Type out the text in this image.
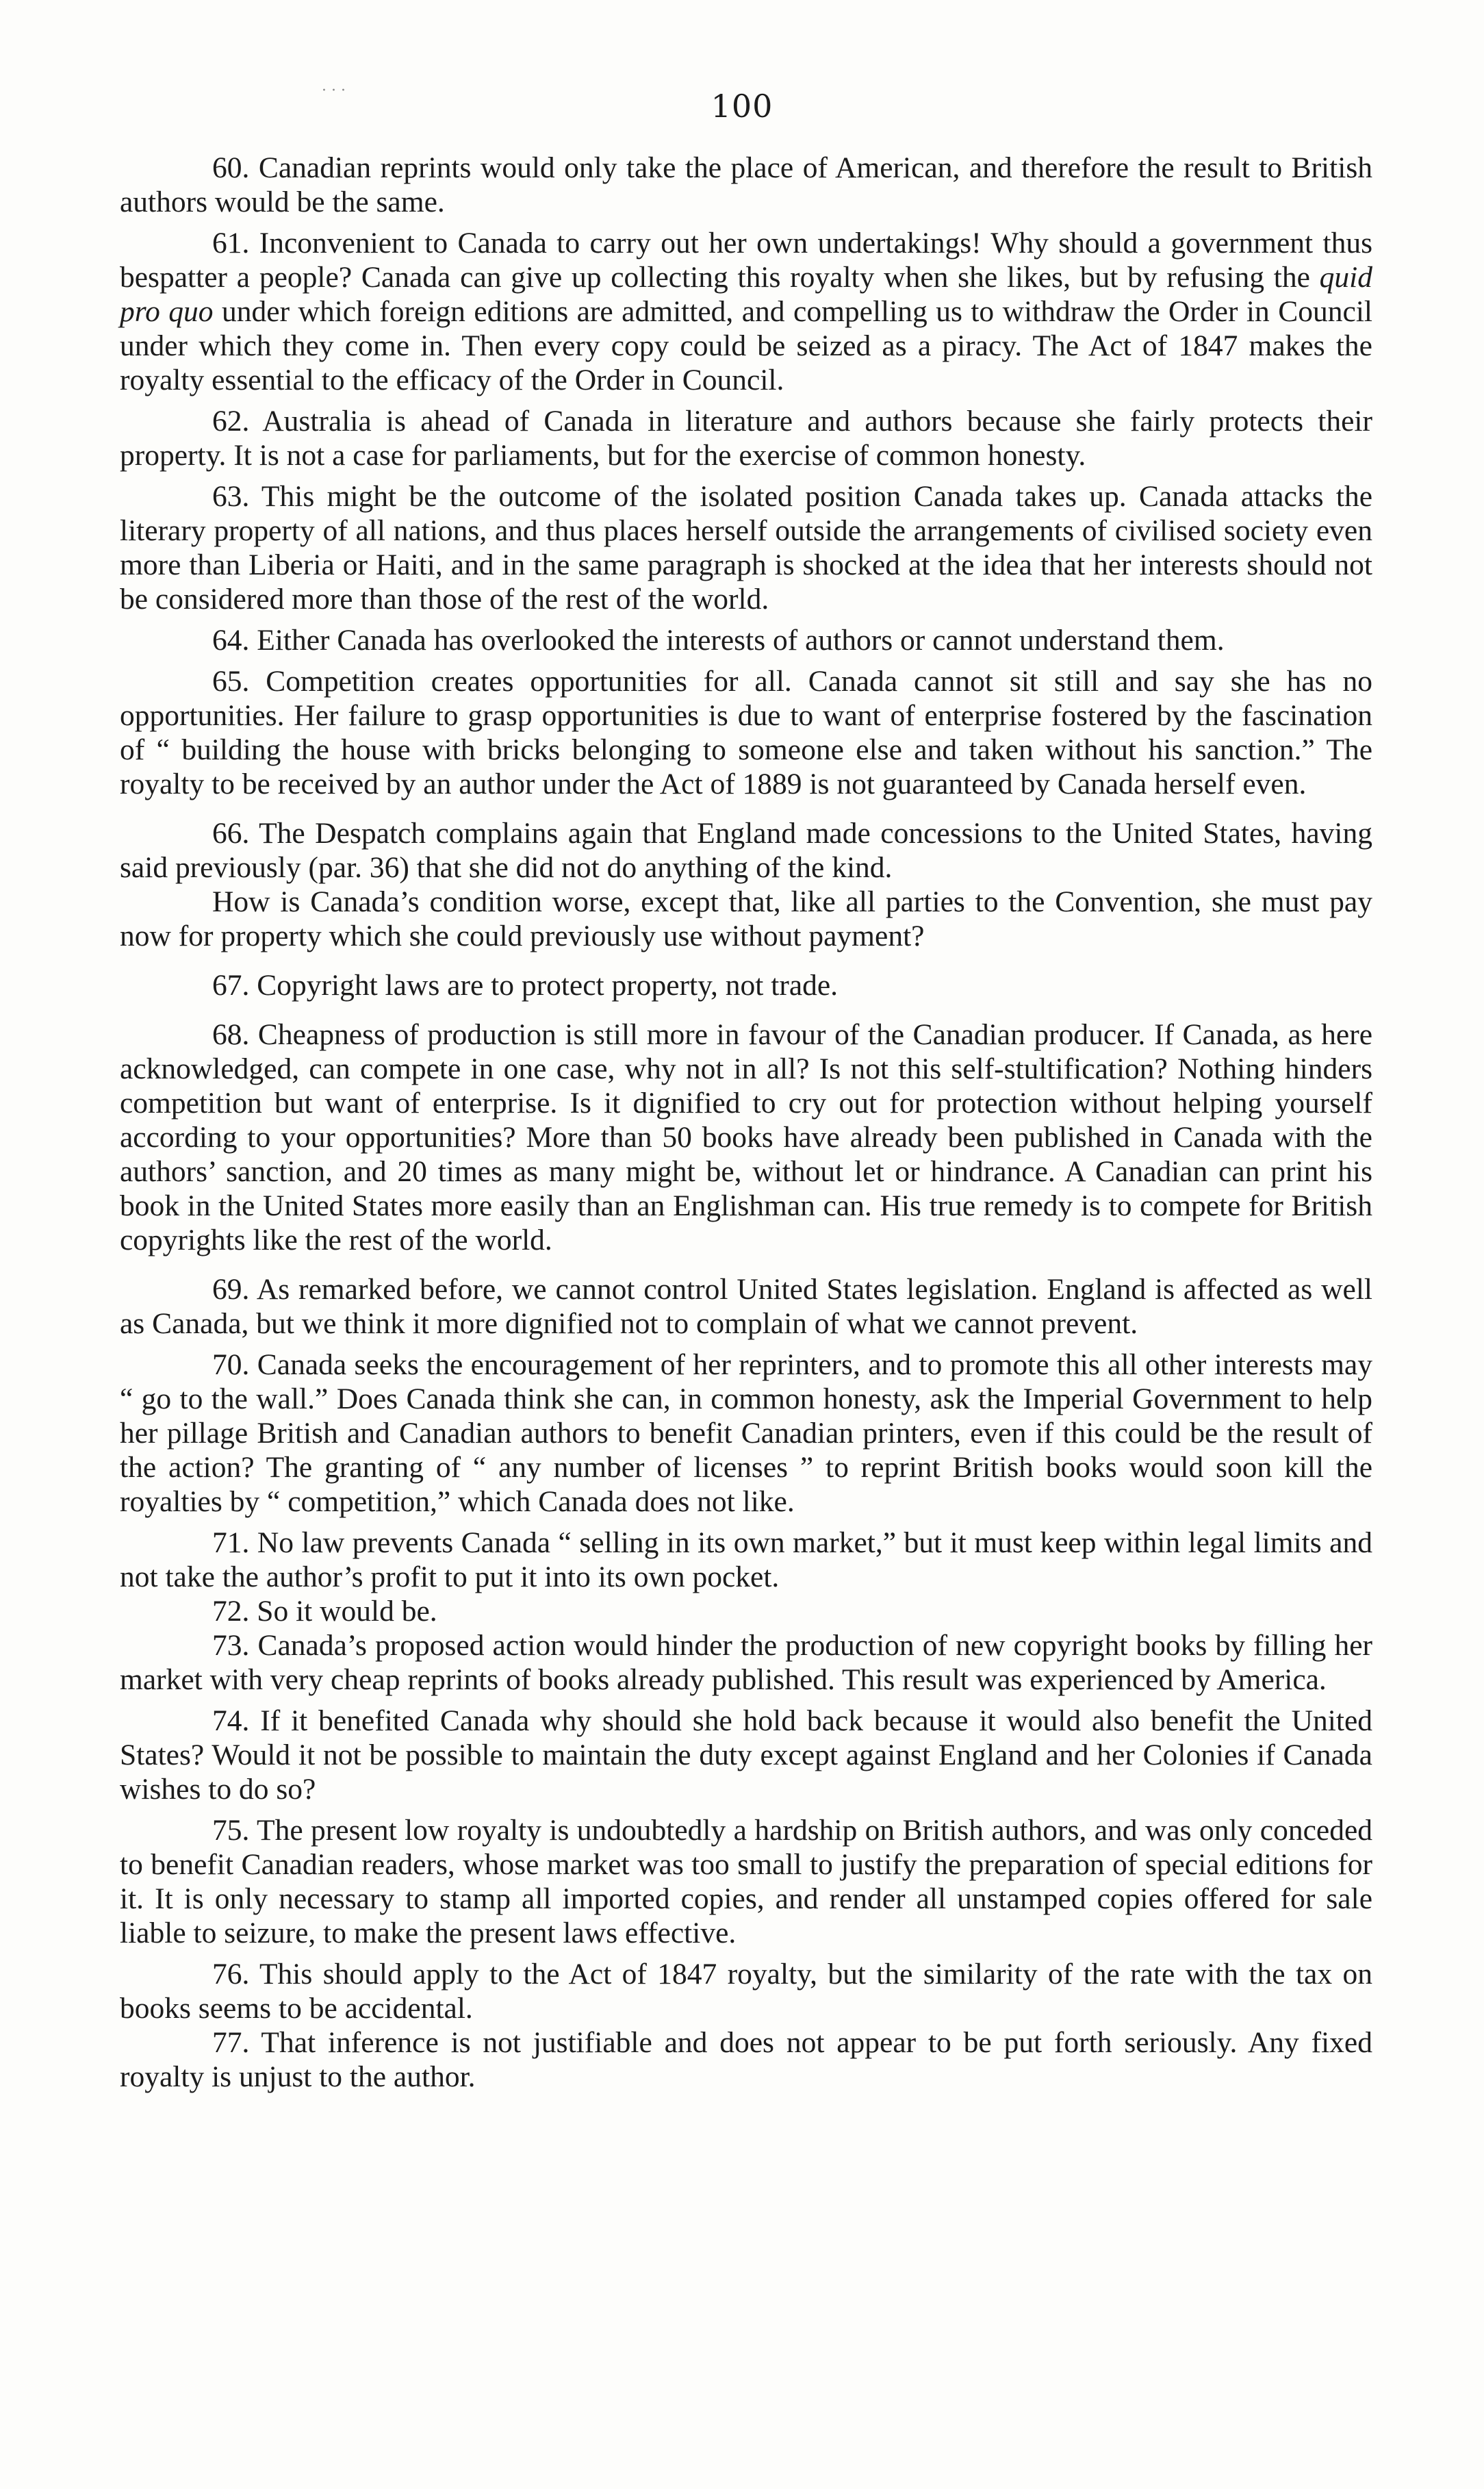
· · ·	100

60. Canadian reprints would only take the place of American, and therefore the result to British authors would be the same.

61. Inconvenient to Canada to carry out her own undertakings! Why should a government thus bespatter a people? Canada can give up collecting this royalty when she likes, but by refusing the quid pro quo under which foreign editions are admitted, and compelling us to withdraw the Order in Council under which they come in. Then every copy could be seized as a piracy. The Act of 1847 makes the royalty essential to the efficacy of the Order in Council.

62. Australia is ahead of Canada in literature and authors because she fairly protects their property. It is not a case for parliaments, but for the exercise of common honesty.

63. This might be the outcome of the isolated position Canada takes up. Canada attacks the literary property of all nations, and thus places herself outside the arrangements of civilised society even more than Liberia or Haiti, and in the same paragraph is shocked at the idea that her interests should not be considered more than those of the rest of the world.

64. Either Canada has overlooked the interests of authors or cannot understand them.

65. Competition creates opportunities for all. Canada cannot sit still and say she has no opportunities. Her failure to grasp opportunities is due to want of enterprise fostered by the fascination of “ building the house with bricks belonging to someone else and taken without his sanction.” The royalty to be received by an author under the Act of 1889 is not guaranteed by Canada herself even.

66. The Despatch complains again that England made concessions to the United States, having said previously (par. 36) that she did not do anything of the kind.

How is Canada’s condition worse, except that, like all parties to the Convention, she must pay now for property which she could previously use without payment?

67. Copyright laws are to protect property, not trade.

68. Cheapness of production is still more in favour of the Canadian producer. If Canada, as here acknowledged, can compete in one case, why not in all? Is not this self-stultification? Nothing hinders competition but want of enterprise. Is it dignified to cry out for protection without helping yourself according to your opportunities? More than 50 books have already been published in Canada with the authors’ sanction, and 20 times as many might be, without let or hindrance. A Canadian can print his book in the United States more easily than an Englishman can. His true remedy is to compete for British copyrights like the rest of the world.

69. As remarked before, we cannot control United States legislation. England is affected as well as Canada, but we think it more dignified not to complain of what we cannot prevent.

70. Canada seeks the encouragement of her reprinters, and to promote this all other interests may “ go to the wall.” Does Canada think she can, in common honesty, ask the Imperial Government to help her pillage British and Canadian authors to benefit Canadian printers, even if this could be the result of the action? The granting of “ any number of licenses ” to reprint British books would soon kill the royalties by “ competition,” which Canada does not like.

71. No law prevents Canada “ selling in its own market,” but it must keep within legal limits and not take the author’s profit to put it into its own pocket.

72. So it would be.

73. Canada’s proposed action would hinder the production of new copyright books by filling her market with very cheap reprints of books already published. This result was experienced by America.

74. If it benefited Canada why should she hold back because it would also benefit the United States? Would it not be possible to maintain the duty except against England and her Colonies if Canada wishes to do so?

75. The present low royalty is undoubtedly a hardship on British authors, and was only conceded to benefit Canadian readers, whose market was too small to justify the preparation of special editions for it. It is only necessary to stamp all imported copies, and render all unstamped copies offered for sale liable to seizure, to make the present laws effective.

76. This should apply to the Act of 1847 royalty, but the similarity of the rate with the tax on books seems to be accidental.

77. That inference is not justifiable and does not appear to be put forth seriously. Any fixed royalty is unjust to the author.
